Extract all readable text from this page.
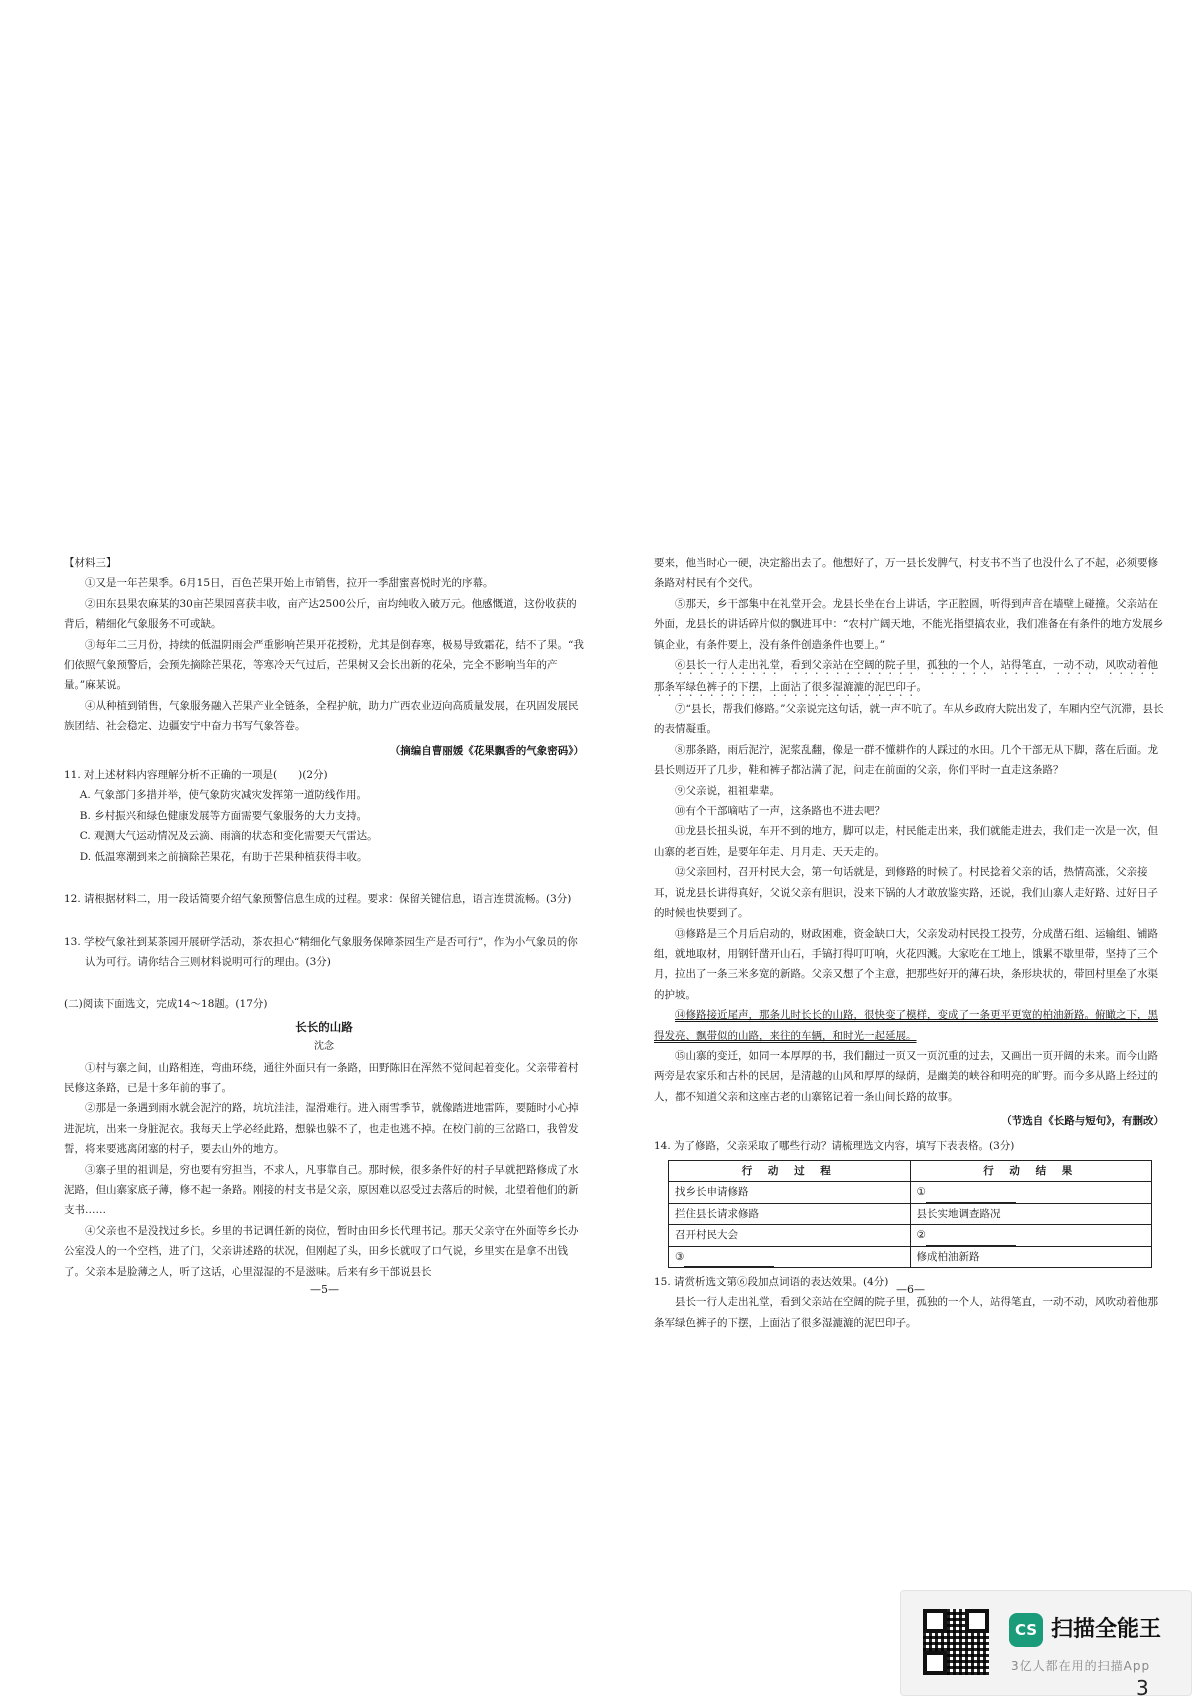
【材料三】

①又是一年芒果季。6月15日，百色芒果开始上市销售，拉开一季甜蜜喜悦时光的序幕。

②田东县果农麻某的30亩芒果园喜获丰收，亩产达2500公斤，亩均纯收入破万元。他感慨道，这份收获的背后，精细化气象服务不可或缺。

③每年二三月份，持续的低温阴雨会严重影响芒果开花授粉，尤其是倒春寒，极易导致霜花，结不了果。“我们依照气象预警后，会预先摘除芒果花，等寒冷天气过后，芒果树又会长出新的花朵，完全不影响当年的产量。”麻某说。

④从种植到销售，气象服务融入芒果产业全链条，全程护航，助力广西农业迈向高质量发展，在巩固发展民族团结、社会稳定、边疆安宁中奋力书写气象答卷。

（摘编自曹丽媛《花果飘香的气象密码》）

11. 对上述材料内容理解分析不正确的一项是(　　)(2分)

A. 气象部门多措并举，使气象防灾减灾发挥第一道防线作用。

B. 乡村振兴和绿色健康发展等方面需要气象服务的大力支持。

C. 观测大气运动情况及云滴、雨滴的状态和变化需要天气雷达。

D. 低温寒潮到来之前摘除芒果花，有助于芒果种植获得丰收。

12. 请根据材料二，用一段话简要介绍气象预警信息生成的过程。要求：保留关键信息，语言连贯流畅。(3分)

13. 学校气象社到某茶园开展研学活动，茶农担心“精细化气象服务保障茶园生产是否可行”，作为小气象员的你认为可行。请你结合三则材料说明可行的理由。(3分)

(二)阅读下面选文，完成14～18题。(17分)

长长的山路

沈念

①村与寨之间，山路相连，弯曲环绕，通往外面只有一条路，田野陈旧在浑然不觉间起着变化。父亲带着村民修这条路，已是十多年前的事了。

②那是一条遇到雨水就会泥泞的路，坑坑洼洼，湿滑难行。进入雨雪季节，就像踏进地雷阵，要随时小心掉进泥坑，出来一身脏泥衣。我每天上学必经此路，想躲也躲不了，也走也逃不掉。在校门前的三岔路口，我曾发誓，将来要逃离闭塞的村子，要去山外的地方。

③寨子里的祖训是，穷也要有穷担当，不求人，凡事靠自己。那时候，很多条件好的村子早就把路修成了水泥路，但山寨家底子薄，修不起一条路。刚接的村支书是父亲，原因难以忍受过去落后的时候，北望着他们的新支书……

④父亲也不是没找过乡长。乡里的书记调任新的岗位，暂时由田乡长代理书记。那天父亲守在外面等乡长办公室没人的一个空档，进了门，父亲讲述路的状况，但刚起了头，田乡长就叹了口气说，乡里实在是拿不出钱了。父亲本是脸薄之人，听了这话，心里湿湿的不是滋味。后来有乡干部说县长

—5—

要来，他当时心一硬，决定豁出去了。他想好了，万一县长发脾气，村支书不当了也没什么了不起，必须要修条路对村民有个交代。

⑤那天，乡干部集中在礼堂开会。龙县长坐在台上讲话，字正腔圆，听得到声音在墙壁上碰撞。父亲站在外面，龙县长的讲话碎片似的飘进耳中：“农村广阔天地，不能光指望搞农业，我们准备在有条件的地方发展乡镇企业，有条件要上，没有条件创造条件也要上。”

⑥县长一行人走出礼堂，看到父亲站在空阔的院子里，孤独的一个人，站得笔直，一动不动，风吹动着他那条军绿色裤子的下摆，上面沾了很多湿漉漉的泥巴印子。

⑦“县长，帮我们修路。”父亲说完这句话，就一声不吭了。车从乡政府大院出发了，车厢内空气沉滞，县长的表情凝重。

⑧那条路，雨后泥泞，泥浆乱翻，像是一群不懂耕作的人踩过的水田。几个干部无从下脚，落在后面。龙县长则迈开了几步，鞋和裤子都沾满了泥，问走在前面的父亲，你们平时一直走这条路？

⑨父亲说，祖祖辈辈。

⑩有个干部嘀咕了一声，这条路也不进去吧？

⑪龙县长扭头说，车开不到的地方，脚可以走，村民能走出来，我们就能走进去，我们走一次是一次，但山寨的老百姓，是要年年走、月月走、天天走的。

⑫父亲回村，召开村民大会，第一句话就是，到修路的时候了。村民捻着父亲的话，热情高涨，父亲接耳，说龙县长讲得真好，父说父亲有胆识，没来下锅的人才敢放鉴实路，还说，我们山寨人走好路、过好日子的时候也快要到了。

⑬修路是三个月后启动的，财政困难，资金缺口大，父亲发动村民投工投劳，分成凿石组、运输组、铺路组，就地取材，用钢钎凿开山石，手镐打得叮叮响，火花四溅。大家吃在工地上，饿累不歇里带，坚持了三个月，拉出了一条三米多宽的新路。父亲又想了个主意，把那些好开的薄石块，条形块状的，带回村里垒了水渠的护坡。

⑭修路接近尾声，那条儿时长长的山路，很快变了模样，变成了一条更平更宽的柏油新路。俯瞰之下，黑得发亮、飘带似的山路，来往的车辆，和时光一起延展。

⑮山寨的变迁，如同一本厚厚的书，我们翻过一页又一页沉重的过去，又画出一页开阔的未来。而今山路两旁是农家乐和古朴的民居，是清越的山风和厚厚的绿荫，是幽美的峡谷和明亮的旷野。而今多从路上经过的人，都不知道父亲和这座古老的山寨铭记着一条山间长路的故事。

（节选自《长路与短句》，有删改）

14. 为了修路，父亲采取了哪些行动？请梳理选文内容，填写下表表格。(3分)

行 动 过 程	行 动 结 果
找乡长申请修路	①
拦住县长请求修路	县长实地调查路况
召开村民大会	②
③	修成柏油新路

15. 请赏析选文第⑥段加点词语的表达效果。(4分)

县长一行人走出礼堂，看到父亲站在空阔的院子里，孤独的一个人，站得笔直，一动不动，风吹动着他那条军绿色裤子的下摆，上面沾了很多湿漉漉的泥巴印子。

—6—
CS 扫描全能王
3亿人都在用的扫描App
3
